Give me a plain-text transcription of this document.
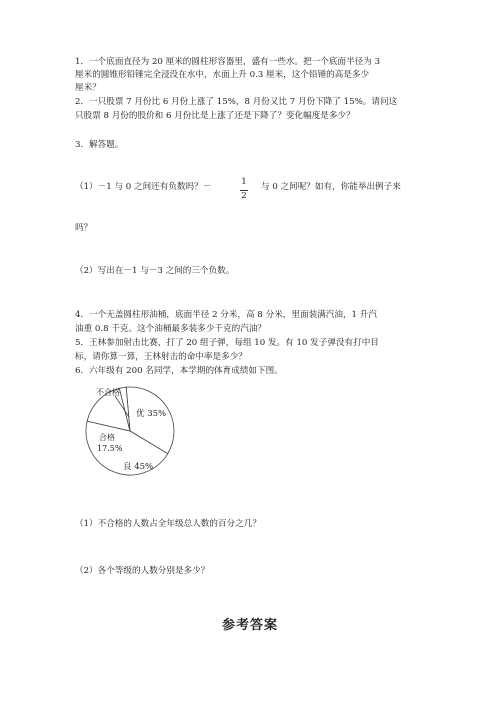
1．一个底面直径为 20 厘米的圆柱形容器里，盛有一些水。把一个底面半径为 3
厘米的圆锥形铅锤完全浸没在水中，水面上升 0.3 厘米，这个铅锤的高是多少
厘米？
2．一只股票 7 月份比 6 月份上涨了 15%，8 月份又比 7 月份下降了 15%。请问这
只股票 8 月份的股价和 6 月份比是上涨了还是下降了？变化幅度是多少？
3．解答题。
（1）－1 与 0 之间还有负数吗？－	1
2
与 0 之间呢？如有，你能举出例子来
吗？
（2）写出在－1 与－3 之间的三个负数。
4．一个无盖圆柱形油桶，底面半径 2 分米，高 8 分米，里面装满汽油，1 升汽
油重 0.8 千克。这个油桶最多装多少千克的汽油？
5．王林参加射击比赛，打了 20 组子弹，每组 10 发。有 10 发子弹没有打中目
标，请你算一算，王林射击的命中率是多少？
6．六年级有 200 名同学，本学期的体育成绩如下图。
不合格
优 35%
合格
17.5%
良 45%
（1）不合格的人数占全年级总人数的百分之几？
（2）各个等级的人数分别是多少？
参考答案
